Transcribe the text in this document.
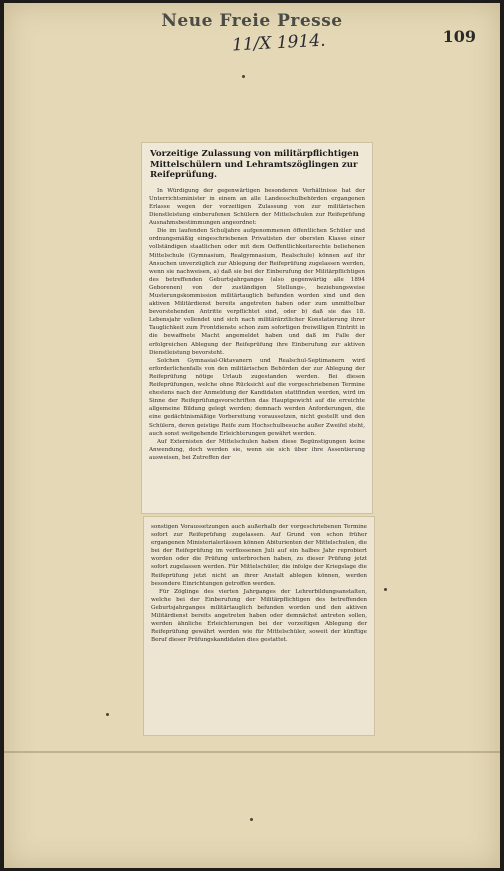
Neue Freie Presse
109
11/X 1914.
Vorzeitige Zulassung von militärpflichtigen Mittelschülern und Lehramtszöglingen zur Reifeprüfung.

In Würdigung der gegenwärtigen besonderen Verhältnisse hat der Unterrichtsminister in einem an alle Landesschulbehörden ergangenen Erlasse wegen der vorzeitigen Zulassung von zur militärischen Dienstleistung einberufenen Schülern der Mittelschulen zur Reifeprüfung Ausnahmsbestimmungen angeordnet:

Die im laufenden Schuljahre aufgenommenen öffentlichen Schüler und ordnungsmäßig eingeschriebenen Privatisten der obersten Klasse einer vollständigen staatlichen oder mit dem Oeffentlichkeitsrechte beliehenen Mittelschule (Gymnasium, Realgymnasium, Realschule) können auf ihr Ansuchen unverzüglich zur Ablegung der Reifeprüfung zugelassen werden, wenn sie nachweisen, a) daß sie bei der Einberufung der Militärpflichtigen des betreffenden Geburtsjahrganges (also gegenwärtig alle 1894 Geborenen) von der zuständigen Stellungs-, beziehungsweise Musterungskommission militärtauglich befunden worden sind und den aktiven Militärdienst bereits angetreten haben oder zum unmittelbar bevorstehenden Antritte verpflichtet sind, oder b) daß sie das 18. Lebensjahr vollendet und sich nach militärärztlicher Konstatierung ihrer Tauglichkeit zum Frontdienste schon zum sofortigen freiwilligen Eintritt in die bewaffnete Macht angemeldet haben und daß im Falle der erfolgreichen Ablegung der Reifeprüfung ihre Einberufung zur aktiven Dienstleistung bevorsteht.

Solchen Gymnasial-Oktavanern und Realschul-Septimanern wird erforderlichenfalls von den militärischen Behörden der zur Ablegung der Reifeprüfung nötige Urlaub zugestanden werden. Bei diesen Reifeprüfungen, welche ohne Rücksicht auf die vorgeschriebenen Termine ehestens nach der Anmeldung der Kandidaten stattfinden werden, wird im Sinne der Reifeprüfungsvorschriften das Hauptgewicht auf die erreichte allgemeine Bildung gelegt werden; demnach werden Anforderungen, die eine gedächtnismäßige Vorbereitung voraussetzen, nicht gestellt und den Schülern, deren geistige Reife zum Hochschulbesuche außer Zweifel steht, auch sonst weitgehende Erleichterungen gewährt werden.

Auf Externisten der Mittelschulen haben diese Begünstigungen keine Anwendung, doch werden sie, wenn sie sich über ihre Assentierung ausweisen, bei Zutreffen der

sonstigen Voraussetzungen auch außerhalb der vorgeschriebenen Termine sofort zur Reifeprüfung zugelassen. Auf Grund von schon früher ergangenen Ministerialerlässen können Abiturienten der Mittelschulen, die bei der Reifeprüfung im verflossenen Juli auf ein halbes Jahr reprobiert worden oder die Prüfung unterbrochen haben, zu dieser Prüfung jetzt sofort zugelassen werden. Für Mittelschüler, die infolge der Kriegslage die Reifeprüfung jetzt nicht an ihrer Anstalt ablegen können, werden besondere Einrichtungen getroffen werden.

Für Zöglinge des vierten Jahrganges der Lehrerbildungsanstalten, welche bei der Einberufung der Militärpflichtigen des betreffenden Geburtsjahrganges militärtauglich befunden worden und den aktiven Militärdienst bereits angetreten haben oder demnächst antreten sollen, werden ähnliche Erleichterungen bei der vorzeitigen Ablegung der Reifeprüfung gewährt werden wie für Mittelschüler, soweit der künftige Beruf dieser Prüfungskandidaten dies gestattet.
